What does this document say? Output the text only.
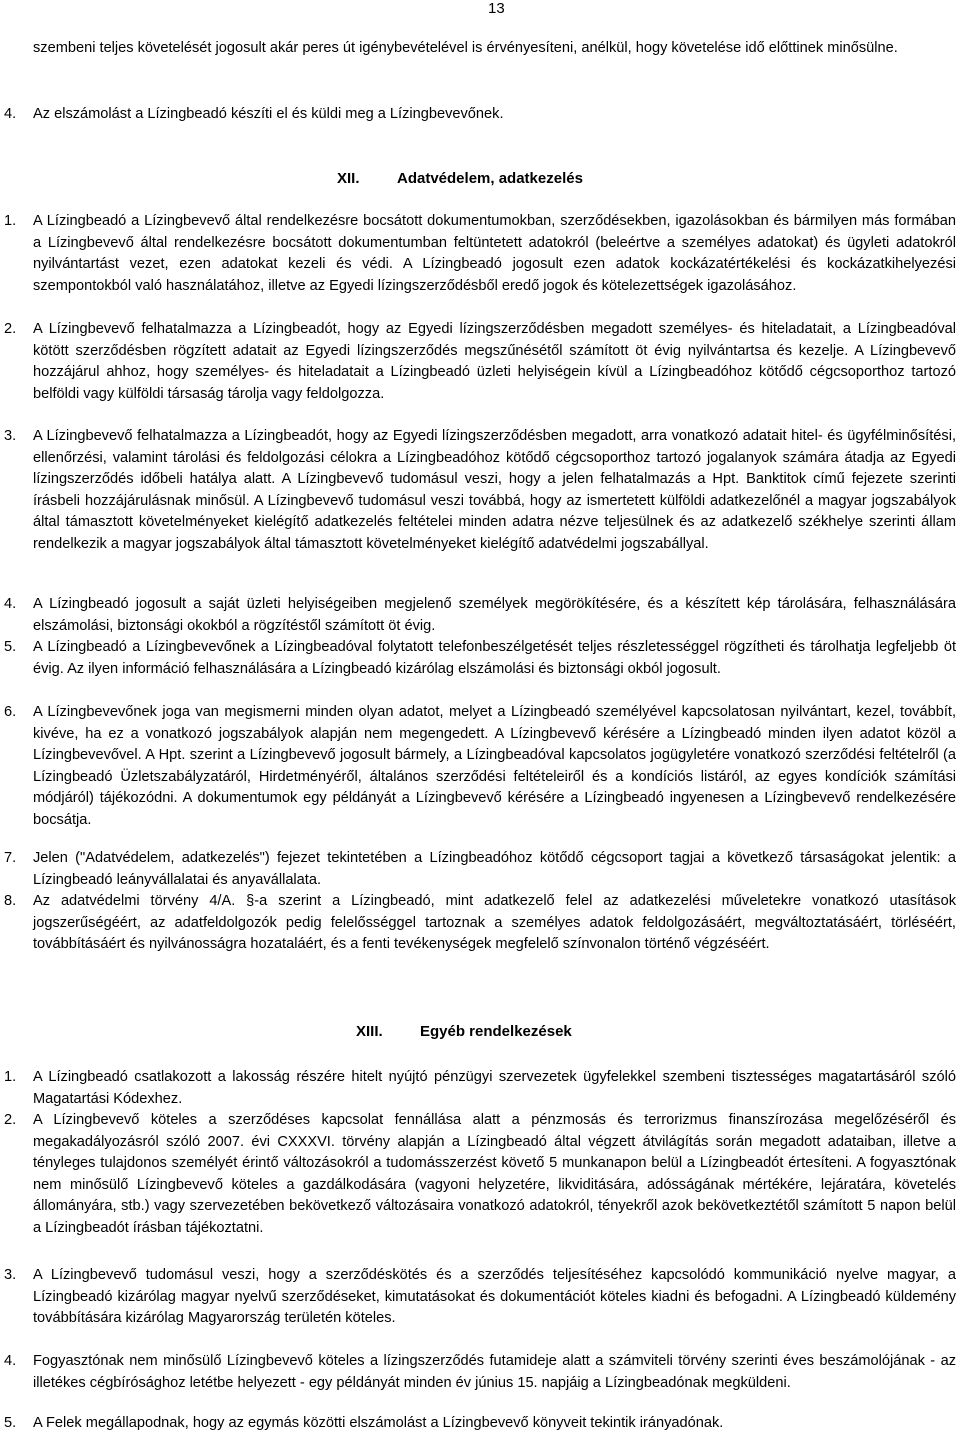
13
szembeni teljes követelését jogosult akár peres út igénybevételével is érvényesíteni, anélkül, hogy követelése idő előttinek minősülne.
4. Az elszámolást a Lízingbeadó készíti el és küldi meg a Lízingbevevőnek.
XII. Adatvédelem, adatkezelés
1. A Lízingbeadó a Lízingbevevő által rendelkezésre bocsátott dokumentumokban, szerződésekben, igazolásokban és bármilyen más formában a Lízingbevevő által rendelkezésre bocsátott dokumentumban feltüntetett adatokról (beleértve a személyes adatokat) és ügyleti adatokról nyilvántartást vezet, ezen adatokat kezeli és védi. A Lízingbeadó jogosult ezen adatok kockázatértékelési és kockázatkihelyezési szempontokból való használatához, illetve az Egyedi lízingszerződésből eredő jogok és kötelezettségek igazolásához.
2. A Lízingbevevő felhatalmazza a Lízingbeadót, hogy az Egyedi lízingszerződésben megadott személyes- és hiteladatait, a Lízingbeadóval kötött szerződésben rögzített adatait az Egyedi lízingszerződés megszűnésétől számított öt évig nyilvántartsa és kezelje. A Lízingbevevő hozzájárul ahhoz, hogy személyes- és hiteladatait a Lízingbeadó üzleti helyiségein kívül a Lízingbeadóhoz kötődő cégcsoporthoz tartozó belföldi vagy külföldi társaság tárolja vagy feldolgozza.
3. A Lízingbevevő felhatalmazza a Lízingbeadót, hogy az Egyedi lízingszerződésben megadott, arra vonatkozó adatait hitel- és ügyfélminősítési, ellenőrzési, valamint tárolási és feldolgozási célokra a Lízingbeadóhoz kötődő cégcsoporthoz tartozó jogalanyok számára átadja az Egyedi lízingszerződés időbeli hatálya alatt. A Lízingbevevő tudomásul veszi, hogy a jelen felhatalmazás a Hpt. Banktitok című fejezete szerinti írásbeli hozzájárulásnak minősül. A Lízingbevevő tudomásul veszi továbbá, hogy az ismertetett külföldi adatkezelőnél a magyar jogszabályok által támasztott követelményeket kielégítő adatkezelés feltételei minden adatra nézve teljesülnek és az adatkezelő székhelye szerinti állam rendelkezik a magyar jogszabályok által támasztott követelményeket kielégítő adatvédelmi jogszabállyal.
4. A Lízingbeadó jogosult a saját üzleti helyiségeiben megjelenő személyek megörökítésére, és a készített kép tárolására, felhasználására elszámolási, biztonsági okokból a rögzítéstől számított öt évig.
5. A Lízingbeadó a Lízingbevevőnek a Lízingbeadóval folytatott telefonbeszélgetését teljes részletességgel rögzítheti és tárolhatja legfeljebb öt évig. Az ilyen információ felhasználására a Lízingbeadó kizárólag elszámolási és biztonsági okból jogosult.
6. A Lízingbevevőnek joga van megismerni minden olyan adatot, melyet a Lízingbeadó személyével kapcsolatosan nyilvántart, kezel, továbbít, kivéve, ha ez a vonatkozó jogszabályok alapján nem megengedett. A Lízingbevevő kérésére a Lízingbeadó minden ilyen adatot közöl a Lízingbevevővel. A Hpt. szerint a Lízingbevevő jogosult bármely, a Lízingbeadóval kapcsolatos jogügyletére vonatkozó szerződési feltételről (a Lízingbeadó Üzletszabályzatáról, Hirdetményéről, általános szerződési feltételeiről és a kondíciós listáról, az egyes kondíciók számítási módjáról) tájékozódni. A dokumentumok egy példányát a Lízingbevevő kérésére a Lízingbeadó ingyenesen a Lízingbevevő rendelkezésére bocsátja.
7. Jelen ("Adatvédelem, adatkezelés") fejezet tekintetében a Lízingbeadóhoz kötődő cégcsoport tagjai a következő társaságokat jelentik: a Lízingbeadó leányvállalatai és anyavállalata.
8. Az adatvédelmi törvény 4/A. §-a szerint a Lízingbeadó, mint adatkezelő felel az adatkezelési műveletekre vonatkozó utasítások jogszerűségéért, az adatfeldolgozók pedig felelősséggel tartoznak a személyes adatok feldolgozásáért, megváltoztatásáért, törléséért, továbbításáért és nyilvánosságra hozataláért, és a fenti tevékenységek megfelelő színvonalon történő végzéséért.
XIII. Egyéb rendelkezések
1. A Lízingbeadó csatlakozott a lakosság részére hitelt nyújtó pénzügyi szervezetek ügyfelekkel szembeni tisztességes magatartásáról szóló Magatartási Kódexhez.
2. A Lízingbevevő köteles a szerződéses kapcsolat fennállása alatt a pénzmosás és terrorizmus finanszírozása megelőzéséről és megakadályozásról szóló 2007. évi CXXXVI. törvény alapján a Lízingbeadó által végzett átvilágítás során megadott adataiban, illetve a tényleges tulajdonos személyét érintő változásokról a tudomásszerzést követő 5 munkanapon belül a Lízingbeadót értesíteni. A fogyasztónak nem minősülő Lízingbevevő köteles a gazdálkodására (vagyoni helyzetére, likviditására, adósságának mértékére, lejáratára, követelés állományára, stb.) vagy szervezetében bekövetkező változásaira vonatkozó adatokról, tényekről azok bekövetkeztétől számított 5 napon belül a Lízingbeadót írásban tájékoztatni.
3. A Lízingbevevő tudomásul veszi, hogy a szerződéskötés és a szerződés teljesítéséhez kapcsolódó kommunikáció nyelve magyar, a Lízingbeadó kizárólag magyar nyelvű szerződéseket, kimutatásokat és dokumentációt köteles kiadni és befogadni. A Lízingbeadó küldemény továbbítására kizárólag Magyarország területén köteles.
4. Fogyasztónak nem minősülő Lízingbevevő köteles a lízingszerződés futamideje alatt a számviteli törvény szerinti éves beszámolójának - az illetékes cégbírósághoz letétbe helyezett - egy példányát minden év június 15. napjáig a Lízingbeadónak megküldeni.
5. A Felek megállapodnak, hogy az egymás közötti elszámolást a Lízingbevevő könyveit tekintik irányadónak.
